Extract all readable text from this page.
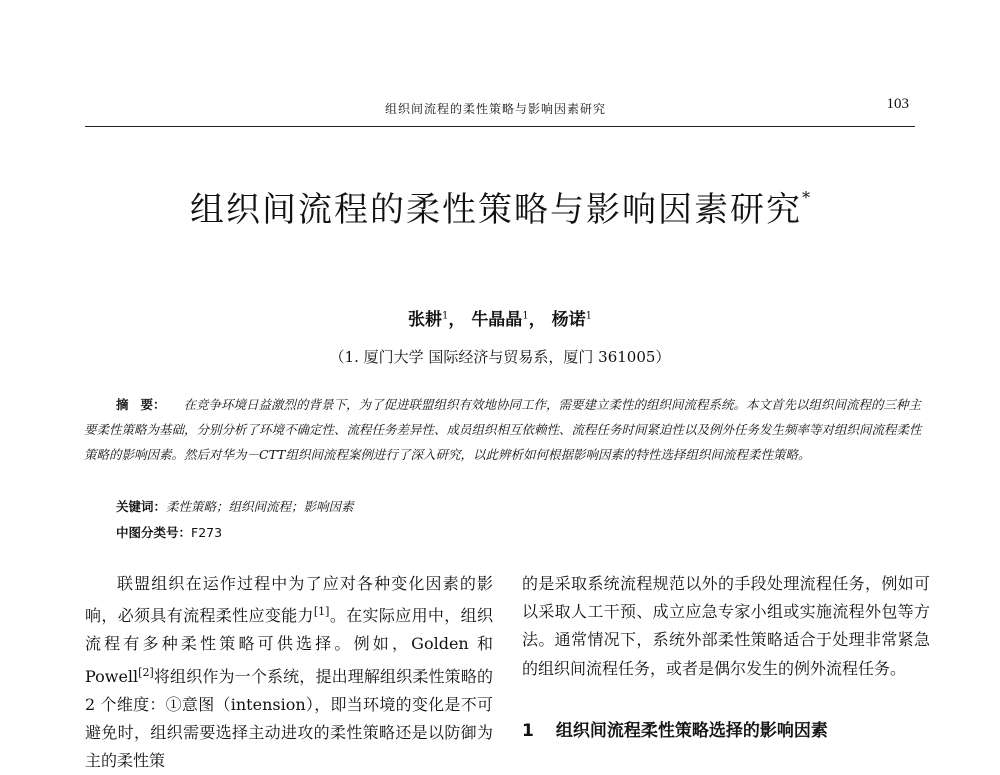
组织间流程的柔性策略与影响因素研究	103
组织间流程的柔性策略与影响因素研究*
张耕$^1$， 牛晶晶$^1$， 杨诺$^1$
（1. 厦门大学 国际经济与贸易系，厦门 361005）
摘 要： 在竞争环境日益激烈的背景下，为了促进联盟组织有效地协同工作，需要建立柔性的组织间流程系统。本文首先以组织间流程的三种主要柔性策略为基础，分别分析了环境不确定性、流程任务差异性、成员组织相互依赖性、流程任务时间紧迫性以及例外任务发生频率等对组织间流程柔性策略的影响因素。然后对华为－CTT组织间流程案例进行了深入研究，以此辨析如何根据影响因素的特性选择组织间流程柔性策略。
关键词：柔性策略；组织间流程；影响因素
中图分类号：F273
联盟组织在运作过程中为了应对各种变化因素的影响，必须具有流程柔性应变能力[1]。在实际应用中，组织流程有多种柔性策略可供选择。例如，Golden 和 Powell[2]将组织作为一个系统，提出理解组织柔性策略的 2 个维度：①意图（intension），即当环境的变化是不可避免时，组织需要选择主动进攻的柔性策略还是以防御为主的柔性策
的是采取系统流程规范以外的手段处理流程任务，例如可以采取人工干预、成立应急专家小组或实施流程外包等方法。通常情况下，系统外部柔性策略适合于处理非常紧急的组织间流程任务，或者是偶尔发生的例外流程任务。
1 组织间流程柔性策略选择的影响因素
